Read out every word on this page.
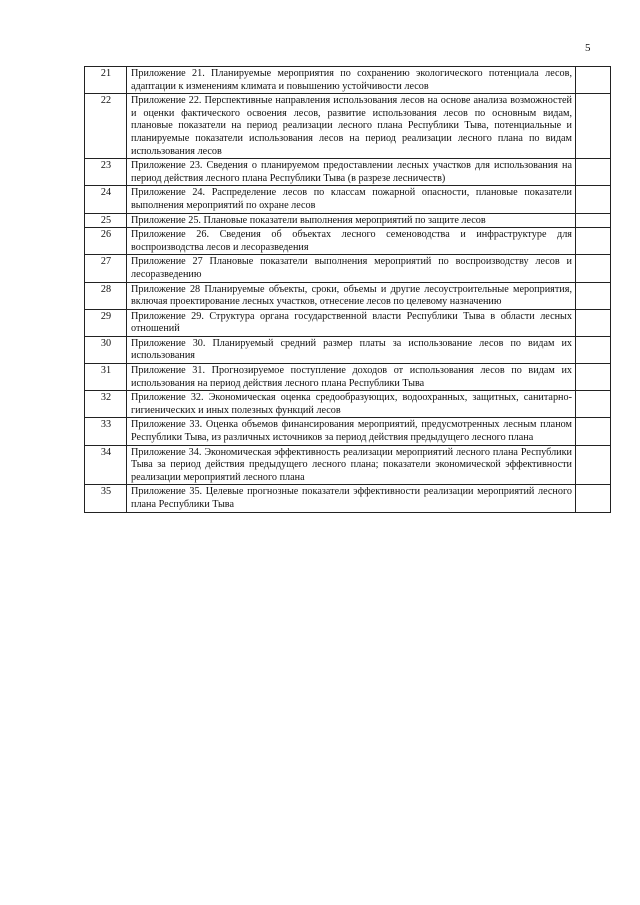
5
21	Приложение 21. Планируемые мероприятия по сохранению экологического потенциала лесов, адаптации к изменениям климата и повышению устойчивости лесов	
22	Приложение 22. Перспективные направления использования лесов на основе анализа возможностей и оценки фактического освоения лесов, развитие использования лесов по основным видам, плановые показатели на период реализации лесного плана Республики Тыва, потенциальные и планируемые показатели использования лесов на период реализации лесного плана по видам использования лесов	
23	Приложение 23. Сведения о планируемом предоставлении лесных участков для использования на период действия лесного плана Республики Тыва (в разрезе лесничеств)	
24	Приложение 24. Распределение лесов по классам пожарной опасности, плановые показатели выполнения мероприятий по охране лесов	
25	Приложение 25. Плановые показатели выполнения мероприятий по защите лесов	
26	Приложение 26. Сведения об объектах лесного семеноводства и инфраструктуре для воспроизводства лесов и лесоразведения	
27	Приложение 27 Плановые показатели выполнения мероприятий по воспроизводству лесов и лесоразведению	
28	Приложение 28 Планируемые объекты, сроки, объемы и другие лесоустроительные мероприятия, включая проектирование лесных участков, отнесение лесов по целевому назначению	
29	Приложение 29. Структура органа государственной власти Республики Тыва в области лесных отношений	
30	Приложение 30. Планируемый средний размер платы за использование лесов по видам их использования	
31	Приложение 31. Прогнозируемое поступление доходов от использования лесов по видам их использования на период действия лесного плана Республики Тыва	
32	Приложение 32. Экономическая оценка средообразующих, водоохранных, защитных, санитарно-гигиенических и иных полезных функций лесов	
33	Приложение 33. Оценка объемов финансирования мероприятий, предусмотренных лесным планом Республики Тыва, из различных источников за период действия предыдущего лесного плана	
34	Приложение 34. Экономическая эффективность реализации мероприятий лесного плана Республики Тыва за период действия предыдущего лесного плана; показатели экономической эффективности реализации мероприятий лесного плана	
35	Приложение 35. Целевые прогнозные показатели эффективности реализации мероприятий лесного плана Республики Тыва	
